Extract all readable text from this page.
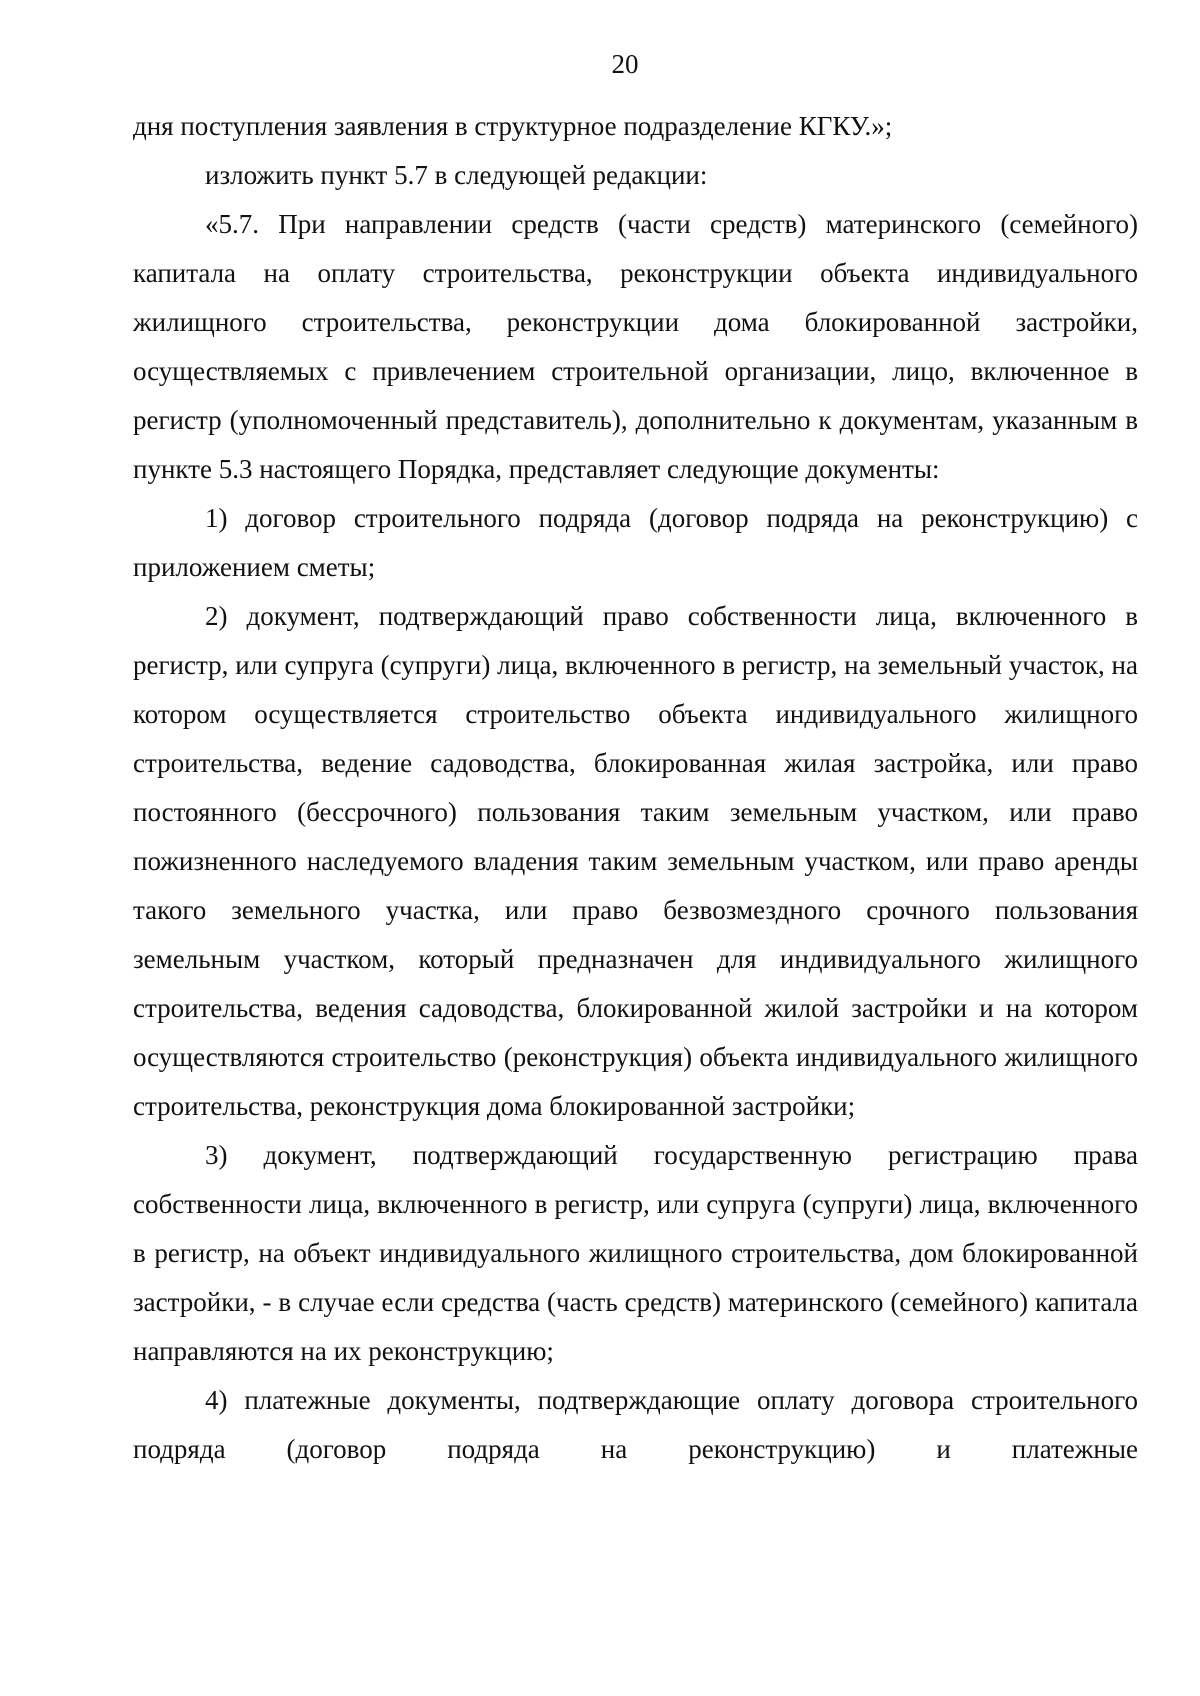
20

дня поступления заявления в структурное подразделение КГКУ.»;

изложить пункт 5.7 в следующей редакции:

«5.7. При направлении средств (части средств) материнского (семейного) капитала на оплату строительства, реконструкции объекта индивидуального жилищного строительства, реконструкции дома блокированной застройки, осуществляемых с привлечением строительной организации, лицо, включенное в регистр (уполномоченный представитель), дополнительно к документам, указанным в пункте 5.3 настоящего Порядка, представляет следующие документы:

1) договор строительного подряда (договор подряда на реконструкцию) с приложением сметы;

2) документ, подтверждающий право собственности лица, включенного в регистр, или супруга (супруги) лица, включенного в регистр, на земельный участок, на котором осуществляется строительство объекта индивидуального жилищного строительства, ведение садоводства, блокированная жилая застройка, или право постоянного (бессрочного) пользования таким земельным участком, или право пожизненного наследуемого владения таким земельным участком, или право аренды такого земельного участка, или право безвозмездного срочного пользования земельным участком, который предназначен для индивидуального жилищного строительства, ведения садоводства, блокированной жилой застройки и на котором осуществляются строительство (реконструкция) объекта индивидуального жилищного строительства, реконструкция дома блокированной застройки;

3) документ, подтверждающий государственную регистрацию права собственности лица, включенного в регистр, или супруга (супруги) лица, включенного в регистр, на объект индивидуального жилищного строительства, дом блокированной застройки, - в случае если средства (часть средств) материнского (семейного) капитала направляются на их реконструкцию;

4) платежные документы, подтверждающие оплату договора строительного подряда (договор подряда на реконструкцию) и платежные
